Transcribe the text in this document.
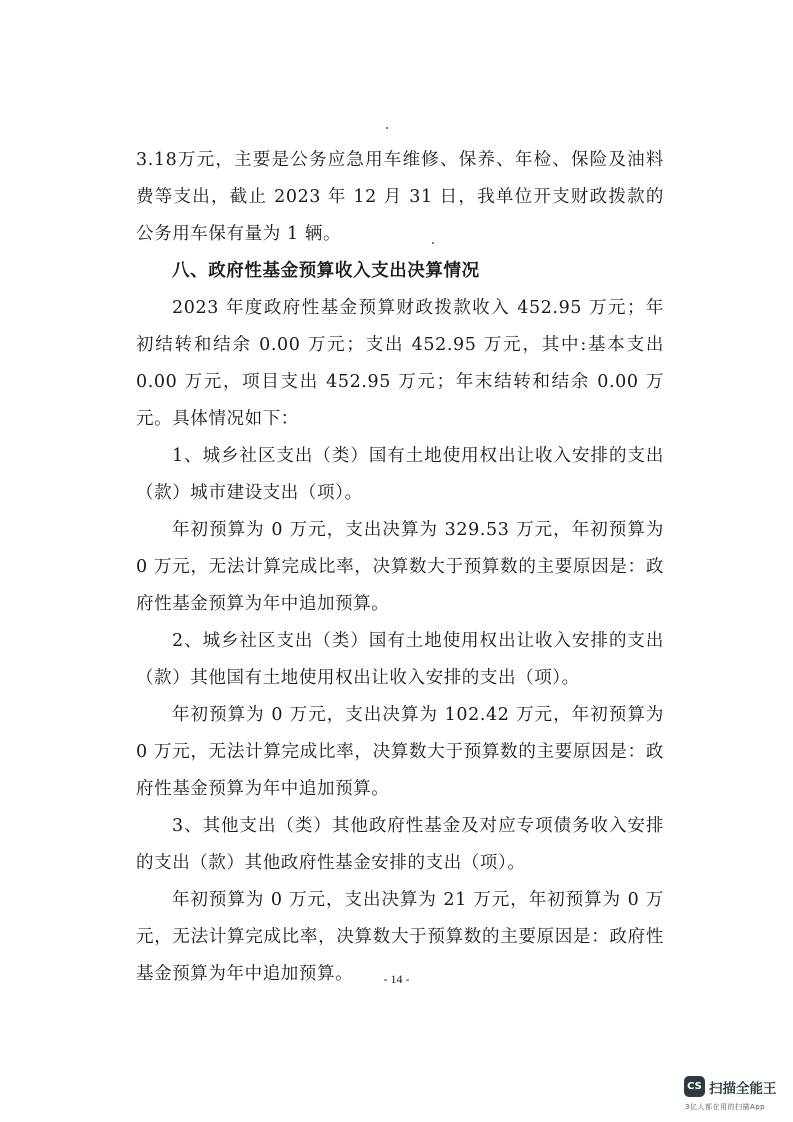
3.18万元，主要是公务应急用车维修、保养、年检、保险及油料费等支出，截止 2023 年 12 月 31 日，我单位开支财政拨款的公务用车保有量为 1 辆。

八、政府性基金预算收入支出决算情况

2023 年度政府性基金预算财政拨款收入 452.95 万元；年初结转和结余 0.00 万元；支出 452.95 万元，其中:基本支出 0.00 万元，项目支出 452.95 万元；年末结转和结余 0.00 万元。具体情况如下：

1、城乡社区支出（类）国有土地使用权出让收入安排的支出（款）城市建设支出（项）。

年初预算为 0 万元，支出决算为 329.53 万元，年初预算为 0 万元，无法计算完成比率，决算数大于预算数的主要原因是：政府性基金预算为年中追加预算。

2、城乡社区支出（类）国有土地使用权出让收入安排的支出（款）其他国有土地使用权出让收入安排的支出（项）。

年初预算为 0 万元，支出决算为 102.42 万元，年初预算为 0 万元，无法计算完成比率，决算数大于预算数的主要原因是：政府性基金预算为年中追加预算。

3、其他支出（类）其他政府性基金及对应专项债务收入安排的支出（款）其他政府性基金安排的支出（项）。

年初预算为 0 万元，支出决算为 21 万元，年初预算为 0 万元，无法计算完成比率，决算数大于预算数的主要原因是：政府性基金预算为年中追加预算。	- 14 -
CS 扫描全能王
3亿人都在用的扫描App
